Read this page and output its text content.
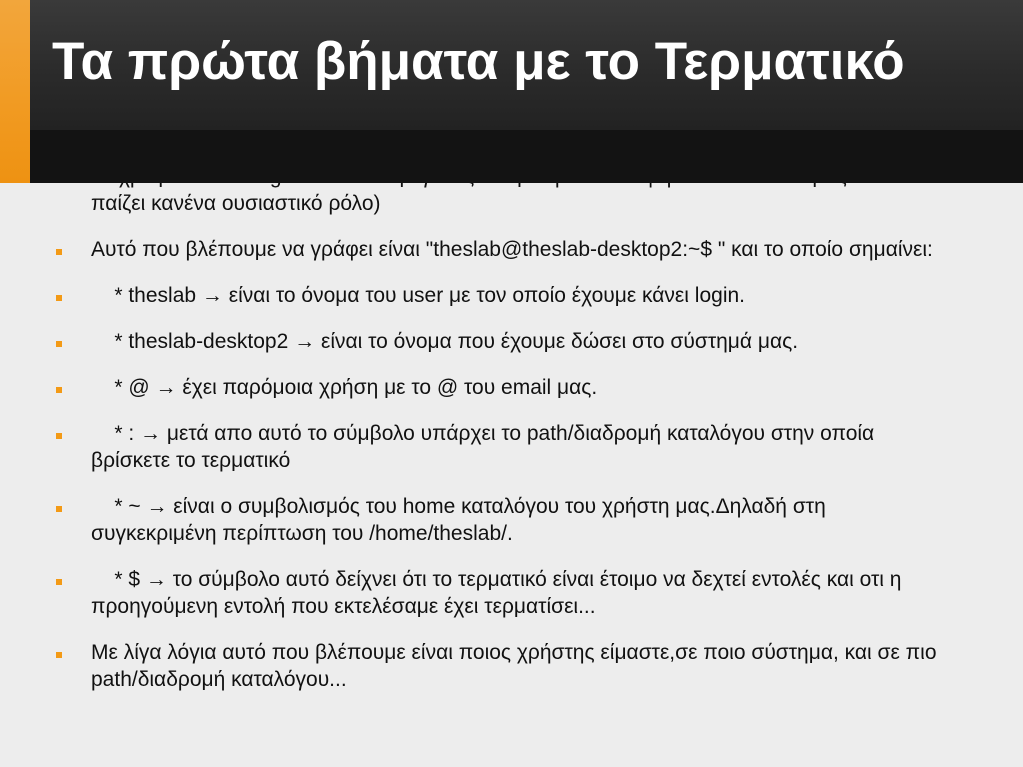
παίζει κανένα ουσιαστικό ρόλο)
Αυτό που βλέπουμε να γράφει είναι "theslab@theslab-desktop2:~$ " και το οποίο σημαίνει:
* theslab → είναι το όνομα του user με τον οποίο έχουμε κάνει login.
* theslab-desktop2 → είναι το όνομα που έχουμε δώσει στο σύστημά μας.
* @ → έχει παρόμοια χρήση με το @ του email μας.
* : → μετά απο αυτό το σύμβολο υπάρχει το path/διαδρομή καταλόγου στην οποία βρίσκετε το τερματικό
* ~ → είναι ο συμβολισμός του home καταλόγου του χρήστη μας.Δηλαδή στη συγκεκριμένη περίπτωση του /home/theslab/.
* $ → το σύμβολο αυτό δείχνει ότι το τερματικό είναι έτοιμο να δεχτεί εντολές και οτι η προηγούμενη εντολή που εκτελέσαμε έχει τερματίσει...
Με λίγα λόγια αυτό που βλέπουμε είναι ποιος χρήστης είμαστε,σε ποιο σύστημα, και σε πιο path/διαδρομή καταλόγου...
Τα πρώτα βήματα με το Τερματικό
